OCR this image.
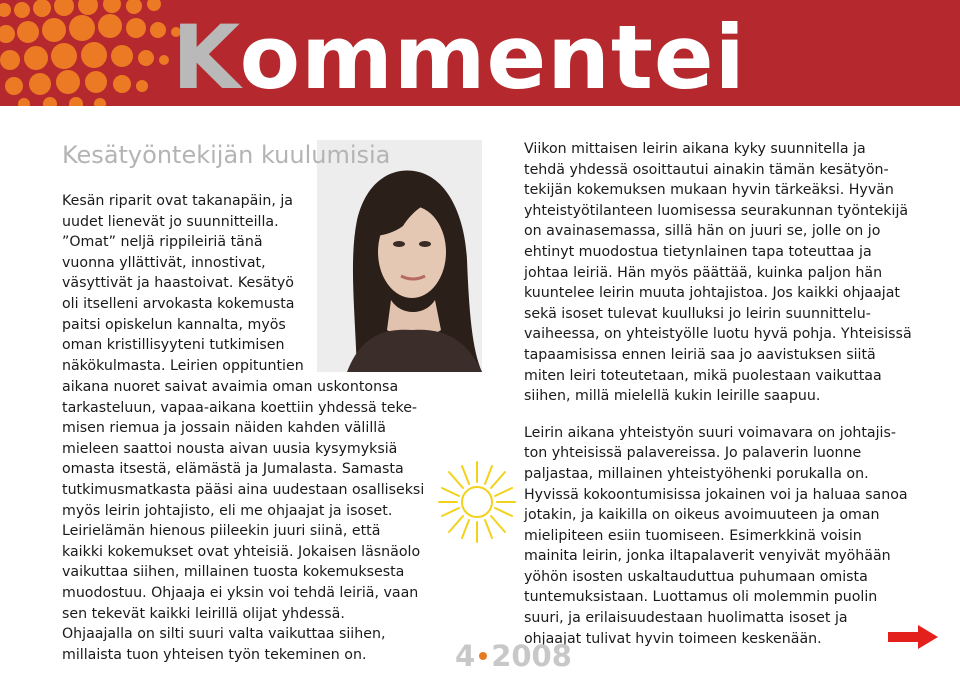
Kommentei
Kesätyöntekijän kuulumisia

Kesän riparit ovat takanapäin, ja

uudet lienevät jo suunnitteilla.

”Omat” neljä rippileiriä tänä

vuonna yllättivät, innostivat,

väsyttivät ja haastoivat. Kesätyö

oli itselleni arvokasta kokemusta

paitsi opiskelun kannalta, myös

oman kristillisyyteni tutkimisen

näkökulmasta. Leirien oppituntien

aikana nuoret saivat avaimia oman uskontonsa

tarkasteluun, vapaa-aikana koettiin yhdessä teke-

misen riemua ja jossain näiden kahden välillä

mieleen saattoi nousta aivan uusia kysymyksiä

omasta itsestä, elämästä ja Jumalasta. Samasta

tutkimusmatkasta pääsi aina uudestaan osalliseksi

myös leirin johtajisto, eli me ohjaajat ja isoset.

Leirielämän hienous piileekin juuri siinä, että

kaikki kokemukset ovat yhteisiä. Jokaisen läsnäolo

vaikuttaa siihen, millainen tuosta kokemuksesta

muodostuu. Ohjaaja ei yksin voi tehdä leiriä, vaan

sen tekevät kaikki leirillä olijat yhdessä.

Ohjaajalla on silti suuri valta vaikuttaa siihen,

millaista tuon yhteisen työn tekeminen on.

Viikon mittaisen leirin aikana kyky suunnitella ja
tehdä yhdessä osoittautui ainakin tämän kesätyön-
tekijän kokemuksen mukaan hyvin tärkeäksi. Hyvän
yhteistyötilanteen luomisessa seurakunnan työntekijä
on avainasemassa, sillä hän on juuri se, jolle on jo
ehtinyt muodostua tietynlainen tapa toteuttaa ja
johtaa leiriä. Hän myös päättää, kuinka paljon hän
kuuntelee leirin muuta johtajistoa. Jos kaikki ohjaajat
sekä isoset tulevat kuulluksi jo leirin suunnittelu-
vaiheessa, on yhteistyölle luotu hyvä pohja. Yhteisissä
tapaamisissa ennen leiriä saa jo aavistuksen siitä
miten leiri toteutetaan, mikä puolestaan vaikuttaa
siihen, millä mielellä kukin leirille saapuu.

Leirin aikana yhteistyön suuri voimavara on johtajis-
ton yhteisissä palavereissa. Jo palaverin luonne
paljastaa, millainen yhteistyöhenki porukalla on.
Hyvissä kokoontumisissa jokainen voi ja haluaa sanoa
jotakin, ja kaikilla on oikeus avoimuuteen ja oman
mielipiteen esiin tuomiseen. Esimerkkinä voisin
mainita leirin, jonka iltapalaverit venyivät myöhään
yöhön isosten uskaltauduttua puhumaan omista
tuntemuksistaan. Luottamus oli molemmin puolin
suuri, ja erilaisuudestaan huolimatta isoset ja
ohjaajat tulivat hyvin toimeen keskenään.

4 2008
